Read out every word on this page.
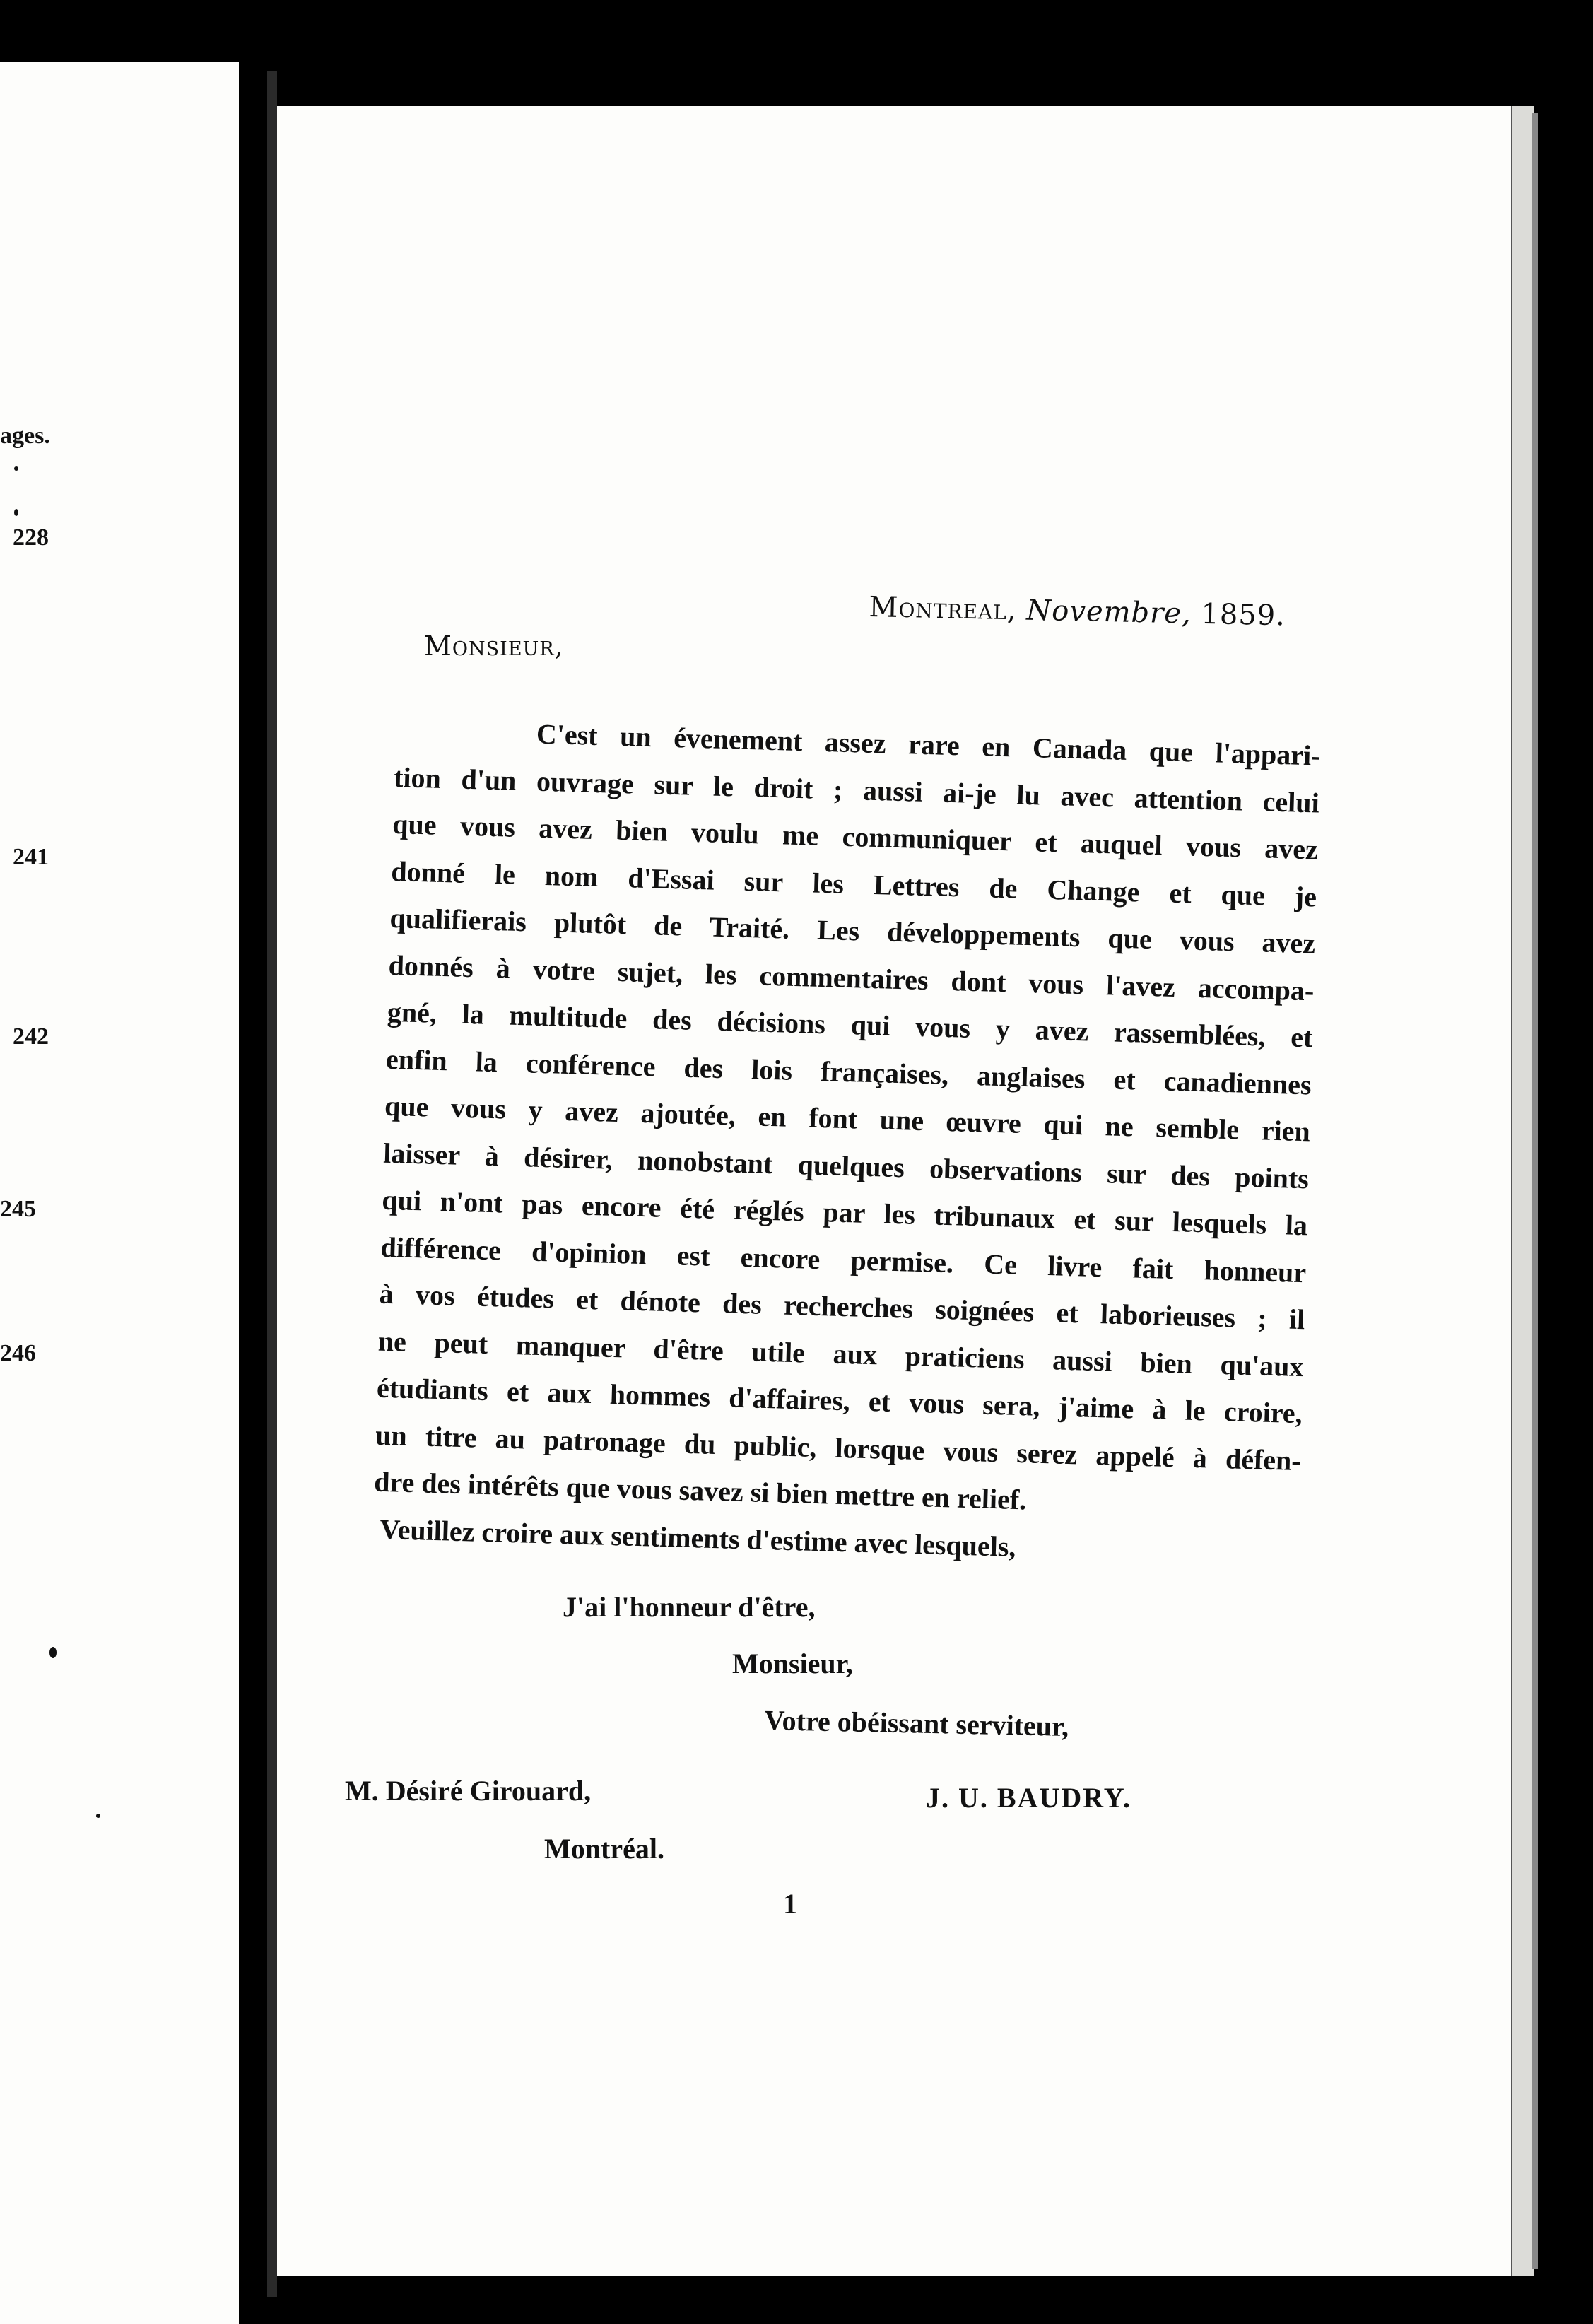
ages.
228
241
242
245
246
Montreal, Novembre, 1859.
Monsieur,
C'est un évenement assez rare en Canada que l'appari-
tion d'un ouvrage sur le droit ; aussi ai-je lu avec attention celui
que vous avez bien voulu me communiquer et auquel vous avez
donné le nom d'Essai sur les Lettres de Change et que je
qualifierais plutôt de Traité. Les développements que vous avez
donnés à votre sujet, les commentaires dont vous l'avez accompa-
gné, la multitude des décisions qui vous y avez rassemblées, et
enfin la conférence des lois françaises, anglaises et canadiennes
que vous y avez ajoutée, en font une œuvre qui ne semble rien
laisser à désirer, nonobstant quelques observations sur des points
qui n'ont pas encore été réglés par les tribunaux et sur lesquels la
différence d'opinion est encore permise. Ce livre fait honneur
à vos études et dénote des recherches soignées et laborieuses ; il
ne peut manquer d'être utile aux praticiens aussi bien qu'aux
étudiants et aux hommes d'affaires, et vous sera, j'aime à le croire,
un titre au patronage du public, lorsque vous serez appelé à défen-
dre des intérêts que vous savez si bien mettre en relief.
Veuillez croire aux sentiments d'estime avec lesquels,
J'ai l'honneur d'être,
Monsieur,
Votre obéissant serviteur,
M. Désiré Girouard,
Montréal.
J. U. BAUDRY.
1
